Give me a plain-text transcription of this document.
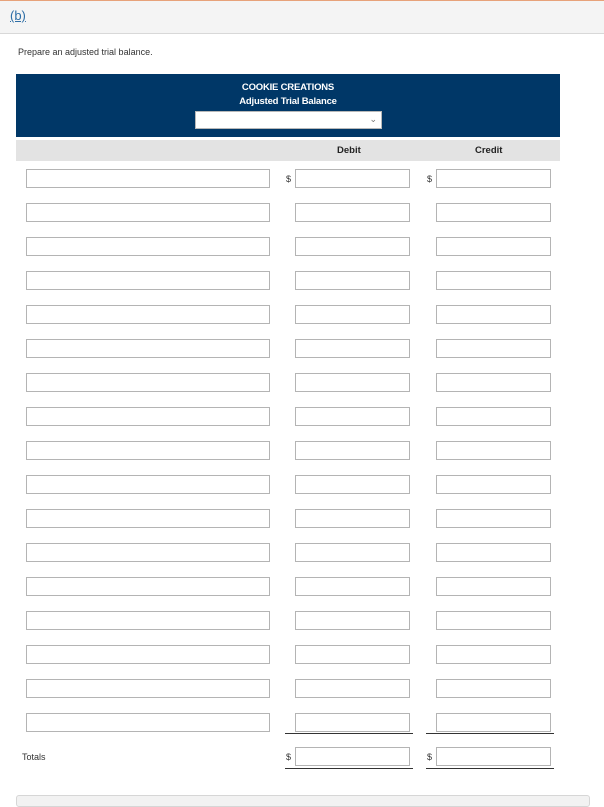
(b)
Prepare an adjusted trial balance.
COOKIE CREATIONS
Adjusted Trial Balance
⌄
Debit	Credit
$	$
Totals	$	$
